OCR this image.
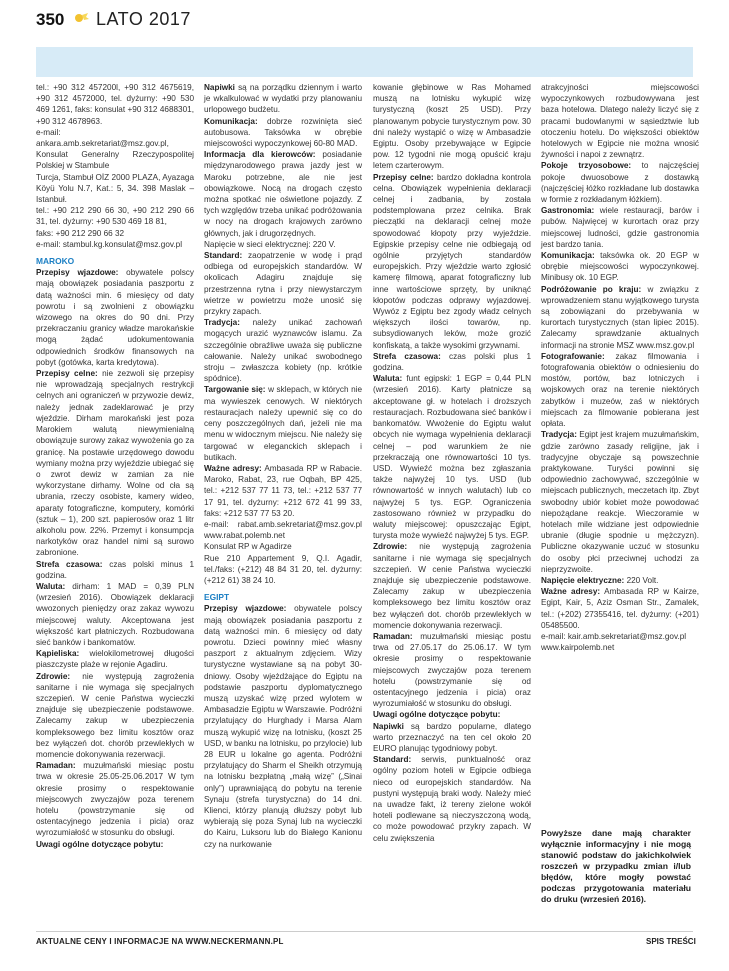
350 LATO 2017

tel.: +90 312 457200l, +90 312 4675619, +90 312 4572000, tel. dyżurny: +90 530 469 1261, faks: konsulat +90 312 4688301, +90 312 4678963.

e-mail: ankara.amb.sekretariat@msz.gov.pl, Konsulat Generalny Rzeczypospolitej Polskiej w Stambule

Turcja, Stambuł OİZ 2000 PLAZA, Ayazaga Köyü Yolu N.7, Kat.: 5, 34. 398 Maslak – Istanbuł.

tel.: +90 212 290 66 30, +90 212 290 66 31, tel. dyżurny: +90 530 469 18 81,

faks: +90 212 290 66 32

e-mail: stambul.kg.konsulat@msz.gov.pl

MAROKO

Przepisy wjazdowe: obywatele polscy mają obowiązek posiadania paszportu z datą ważności min. 6 miesięcy od daty powrotu i są zwolnieni z obowiązku wizowego na okres do 90 dni. Przy przekraczaniu granicy władze marokańskie mogą żądać udokumentowania odpowiednich środków finansowych na pobyt (gotówka, karta kredytowa).

Przepisy celne: nie zezwoli się przepisy nie wprowadzają specjalnych restrykcji celnych ani ograniczeń w przywozie dewiz, należy jednak zadeklarować je przy wjeździe. Dirham marokański jest poza Marokiem walutą niewymienialną obowiązuje surowy zakaz wywożenia go za granicę. Na postawie urzędowego dowodu wymiany można przy wyjeździe ubiegać się o zwrot dewiz w zamian za nie wykorzystane dirhamy. Wolne od cła są ubrania, rzeczy osobiste, kamery wideo, aparaty fotograficzne, komputery, komórki (sztuk – 1), 200 szt. papierosów oraz 1 litr alkoholu pow. 22%. Przemyt i konsumpcja narkotyków oraz handel nimi są surowo zabronione.

Strefa czasowa: czas polski minus 1 godzina.

Waluta: dirham: 1 MAD = 0,39 PLN (wrzesień 2016). Obowiązek deklaracji wwozonych pieniędzy oraz zakaz wywozu miejscowej waluty. Akceptowana jest większość kart płatniczych. Rozbudowana sieć banków i bankomatów.

Kąpieliska: wielokilometrowej długości piaszczyste plaże w rejonie Agadiru.

Zdrowie: nie występują zagrożenia sanitarne i nie wymaga się specjalnych szczepień. W cenie Państwa wycieczki znajduje się ubezpieczenie podstawowe. Zalecamy zakup w ubezpieczenia kompleksowego bez limitu kosztów oraz bez wyłączeń dot. chorób przewlekłych w momencie dokonywania rezerwacji.

Ramadan: muzułmański miesiąc postu trwa w okresie 25.05-25.06.2017 W tym okresie prosimy o respektowanie miejscowych zwyczajów poza terenem hotelu (powstrzymanie się od ostentacyjnego jedzenia i picia) oraz wyrozumiałość w stosunku do obsługi.

Uwagi ogólne dotyczące pobytu:

Napiwki są na porządku dziennym i warto je wkalkulować w wydatki przy planowaniu urlopowego budżetu.

Komunikacja: dobrze rozwinięta sieć autobusowa. Taksówka w obrębie miejscowości wypoczynkowej 60-80 MAD.

Informacja dla kierowców: posiadanie międzynarodowego prawa jazdy jest w Maroku potrzebne, ale nie jest obowiązkowe. Nocą na drogach często można spotkać nie oświetlone pojazdy. Z tych względów trzeba unikać podróżowania w nocy na drogach krajowych zarówno głównych, jak i drugorzędnych.

Napięcie w sieci elektrycznej: 220 V.

Standard: zaopatrzenie w wodę i prąd odbiega od europejskich standardów. W okolicach Adagiru znajduje się przestrzenna rytna i przy niewystarczym wietrze w powietrzu może unosić się przykry zapach.

Tradycja: należy unikać zachowań mogących urazić wyznawców islamu. Za szczególnie obraźliwe uważa się publiczne całowanie. Należy unikać swobodnego stroju – zwłaszcza kobiety (np. krótkie spódnice).

Targowanie się: w sklepach, w których nie ma wywieszek cenowych. W niektórych restauracjach należy upewnić się co do ceny poszczególnych dań, jeżeli nie ma menu w widocznym miejscu. Nie należy się targować w eleganckich sklepach i butikach.

Ważne adresy: Ambasada RP w Rabacie. Maroko, Rabat, 23, rue Oqbah, BP 425, tel.: +212 537 77 11 73, tel.: +212 537 77 17 91, tel. dyżurny: +212 672 41 99 33, faks: +212 537 77 53 20.

e-mail: rabat.amb.sekretariat@msz.gov.pl www.rabat.polemb.net

Konsulat RP w Agadirze

Rue 210 Appartement 9, Q.I. Agadir, tel./faks: (+212) 48 84 31 20, tel. dyżurny: (+212 61) 38 24 10.

EGIPT

Przepisy wjazdowe: obywatele polscy mają obowiązek posiadania paszportu z datą ważności min. 6 miesięcy od daty powrotu. Dzieci powinny mieć własny paszport z aktualnym zdjęciem. Wizy turystyczne wystawiane są na pobyt 30-dniowy. Osoby wjeżdżające do Egiptu na podstawie paszportu dyplomatycznego muszą uzyskać wizę przed wylotem w Ambasadzie Egiptu w Warszawie. Podróżni przylatujący do Hurghady i Marsa Alam muszą wykupić wizę na lotnisku, (koszt 25 USD, w banku na lotnisku, po przylocie) lub 28 EUR u lokalne go agenta. Podróżni przylatujący do Sharm el Sheikh otrzymują na lotnisku bezpłatną „małą wizę” („Sinai only”) uprawniającą do pobytu na terenie Synaju (strefa turystyczna) do 14 dni. Klienci, którzy planują dłuższy pobyt lub wybierają się poza Synaj lub na wycieczki do Kairu, Luksoru lub do Białego Kanionu czy na nurkowanie

kowanie głębinowe w Ras Mohamed muszą na lotnisku wykupić wizę turystyczną (koszt 25 USD). Przy planowanym pobycie turystycznym pow. 30 dni należy wystąpić o wizę w Ambasadzie Egiptu. Osoby przebywające w Egipcie pow. 12 tygodni nie mogą opuścić kraju letem czarterowym.

Przepisy celne: bardzo dokładna kontrola celna. Obowiązek wypełnienia deklaracji celnej i zadbania, by została podstemplowana przez celnika. Brak pieczątki na deklaracji celnej może spowodować kłopoty przy wyjeździe. Egipskie przepisy celne nie odbiegają od ogólnie przyjętych standardów europejskich. Przy wjeździe warto zgłosić kamerę filmową, aparat fotograficzny lub inne wartościowe sprzęty, by uniknąć kłopotów podczas odprawy wyjazdowej. Wywóz z Egiptu bez zgody władz celnych większych ilości towarów, np. subsydiowanych leków, może grozić konfiskatą, a także wysokimi grzywnami.

Strefa czasowa: czas polski plus 1 godzina.

Waluta: funt egipski: 1 EGP = 0,44 PLN (wrzesień 2016). Karty płatnicze są akceptowane gł. w hotelach i droższych restauracjach. Rozbudowana sieć banków i bankomatów. Wwożenie do Egiptu walut obcych nie wymaga wypełnienia deklaracji celnej – pod warunkiem że nie przekraczają one równowartości 10 tys. USD. Wywieźć można bez zgłaszania także najwyżej 10 tys. USD (lub równowartość w innych walutach) lub co najwyżej 5 tys. EGP. Ograniczenia zastosowano również w przypadku do waluty miejscowej: opuszczając Egipt, turysta może wywieźć najwyżej 5 tys. EGP.

Zdrowie: nie występują zagrożenia sanitarne i nie wymaga się specjalnych szczepień. W cenie Państwa wycieczki znajduje się ubezpieczenie podstawowe. Zalecamy zakup w ubezpieczenia kompleksowego bez limitu kosztów oraz bez wyłączeń dot. chorób przewlekłych w momencie dokonywania rezerwacji.

Ramadan: muzułmański miesiąc postu trwa od 27.05.17 do 25.06.17. W tym okresie prosimy o respektowanie miejscowych zwyczajów poza terenem hotelu (powstrzymanie się od ostentacyjnego jedzenia i picia) oraz wyrozumiałość w stosunku do obsługi.

Uwagi ogólne dotyczące pobytu:

Napiwki są bardzo popularne, dlatego warto przeznaczyć na ten cel około 20 EURO planując tygodniowy pobyt.

Standard: serwis, punktualność oraz ogólny poziom hoteli w Egipcie odbiega nieco od europejskich standardów. Na pustyni występują braki wody. Należy mieć na uwadze fakt, iż tereny zielone wokół hoteli podlewane są nieczyszczoną wodą, co może powodować przykry zapach. W celu zwiększenia

atrakcyjności miejscowości wypoczynkowych rozbudowywana jest baza hotelowa. Dlatego należy liczyć się z pracami budowlanymi w sąsiedztwie lub otoczeniu hotelu. Do większości obiektów hotelowych w Egipcie nie można wnosić żywności i napoi z zewnątrz.

Pokoje trzyosobowe: to najczęściej pokoje dwuosobowe z dostawką (najczęściej łóżko rozkładane lub dostawka w formie z rozkładanym łóżkiem).

Gastronomia: wiele restauracji, barów i pubów. Najwięcej w kurortach oraz przy miejscowej ludności, gdzie gastronomia jest bardzo tania.

Komunikacja: taksówka ok. 20 EGP w obrębie miejscowości wypoczynkowej. Minibusy ok. 10 EGP.

Podróżowanie po kraju: w związku z wprowadzeniem stanu wyjątkowego turysta są zobowiązani do przebywania w kurortach turystycznych (stan lipiec 2015). Zalecamy sprawdzanie aktualnych informacji na stronie MSZ www.msz.gov.pl

Fotografowanie: zakaz filmowania i fotografowania obiektów o odniesieniu do mostów, portów, baz lotniczych i wojskowych oraz na terenie niektórych zabytków i muzeów, zaś w niektórych miejscach za filmowanie pobierana jest opłata.

Tradycja: Egipt jest krajem muzułmańskim, gdzie zarówno zasady religijne, jak i tradycyjne obyczaje są powszechnie praktykowane. Turyści powinni się odpowiednio zachowywać, szczególnie w miejscach publicznych, meczetach itp. Zbyt swobodny ubiór kobiet może powodować niepożądane reakcje. Wieczoramie w hotelach mile widziane jest odpowiednie ubranie (długie spodnie u mężczyzn). Publiczne okazywanie uczuć w stosunku do osoby płci przeciwnej uchodzi za nieprzyzwoite.

Napięcie elektryczne: 220 Volt.

Ważne adresy: Ambasada RP w Kairze, Egipt, Kair, 5, Aziz Osman Str., Zamalek, tel.: (+202) 27355416, tel. dyżurny: (+201) 05485500.

e-mail: kair.amb.sekretariat@msz.gov.pl

www.kairpolemb.net

Powyższe dane mają charakter wyłącznie informacyjny i nie mogą stanowić podstaw do jakichkolwiek roszczeń w przypadku zmian i/lub błędów, które mogły powstać podczas przygotowania materiału do druku (wrzesień 2016).
AKTUALNE CENY I INFORMACJE NA WWW.NECKERMANN.PL	SPIS TREŚCI
